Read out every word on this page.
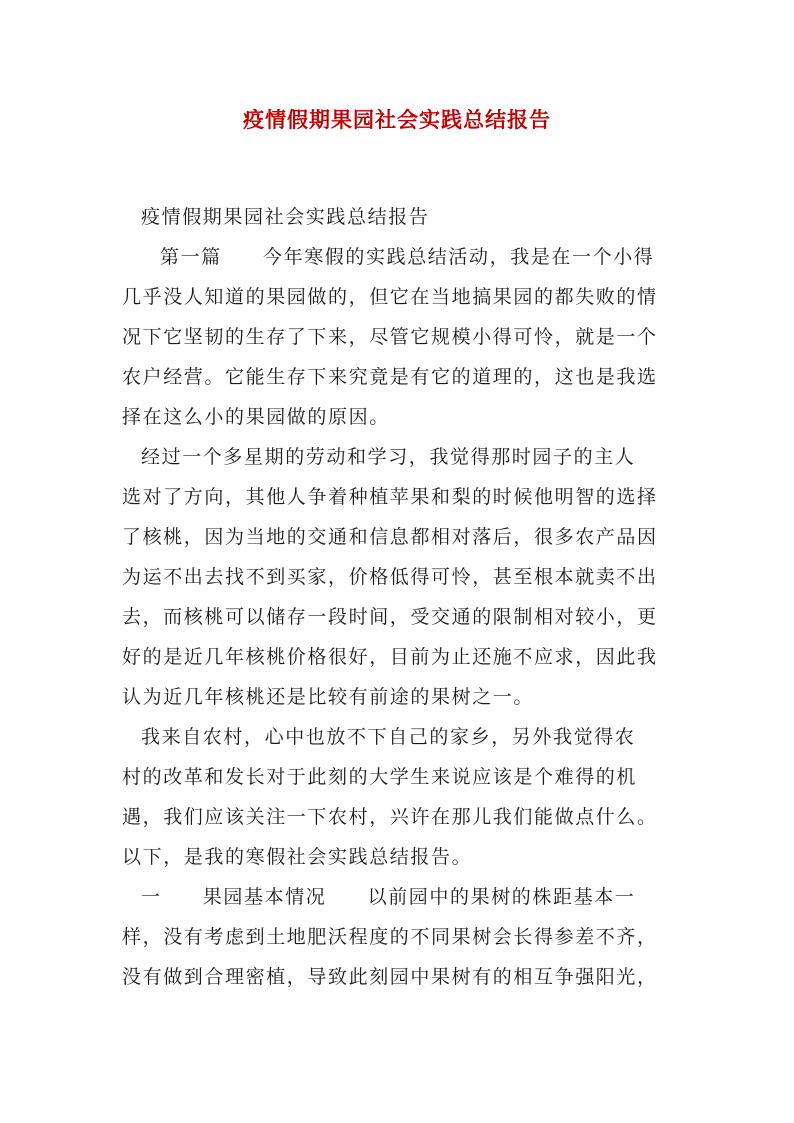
疫情假期果园社会实践总结报告

疫情假期果园社会实践总结报告

第一篇　　今年寒假的实践总结活动，我是在一个小得

几乎没人知道的果园做的，但它在当地搞果园的都失败的情

况下它坚韧的生存了下来，尽管它规模小得可怜，就是一个

农户经营。它能生存下来究竟是有它的道理的，这也是我选

择在这么小的果园做的原因。

经过一个多星期的劳动和学习，我觉得那时园子的主人

选对了方向，其他人争着种植苹果和梨的时候他明智的选择

了核桃，因为当地的交通和信息都相对落后，很多农产品因

为运不出去找不到买家，价格低得可怜，甚至根本就卖不出

去，而核桃可以储存一段时间，受交通的限制相对较小，更

好的是近几年核桃价格很好，目前为止还施不应求，因此我

认为近几年核桃还是比较有前途的果树之一。

我来自农村，心中也放不下自己的家乡，另外我觉得农

村的改革和发长对于此刻的大学生来说应该是个难得的机

遇，我们应该关注一下农村，兴许在那儿我们能做点什么。

以下，是我的寒假社会实践总结报告。

一　　果园基本情况　　以前园中的果树的株距基本一

样，没有考虑到土地肥沃程度的不同果树会长得参差不齐，

没有做到合理密植，导致此刻园中果树有的相互争强阳光，
